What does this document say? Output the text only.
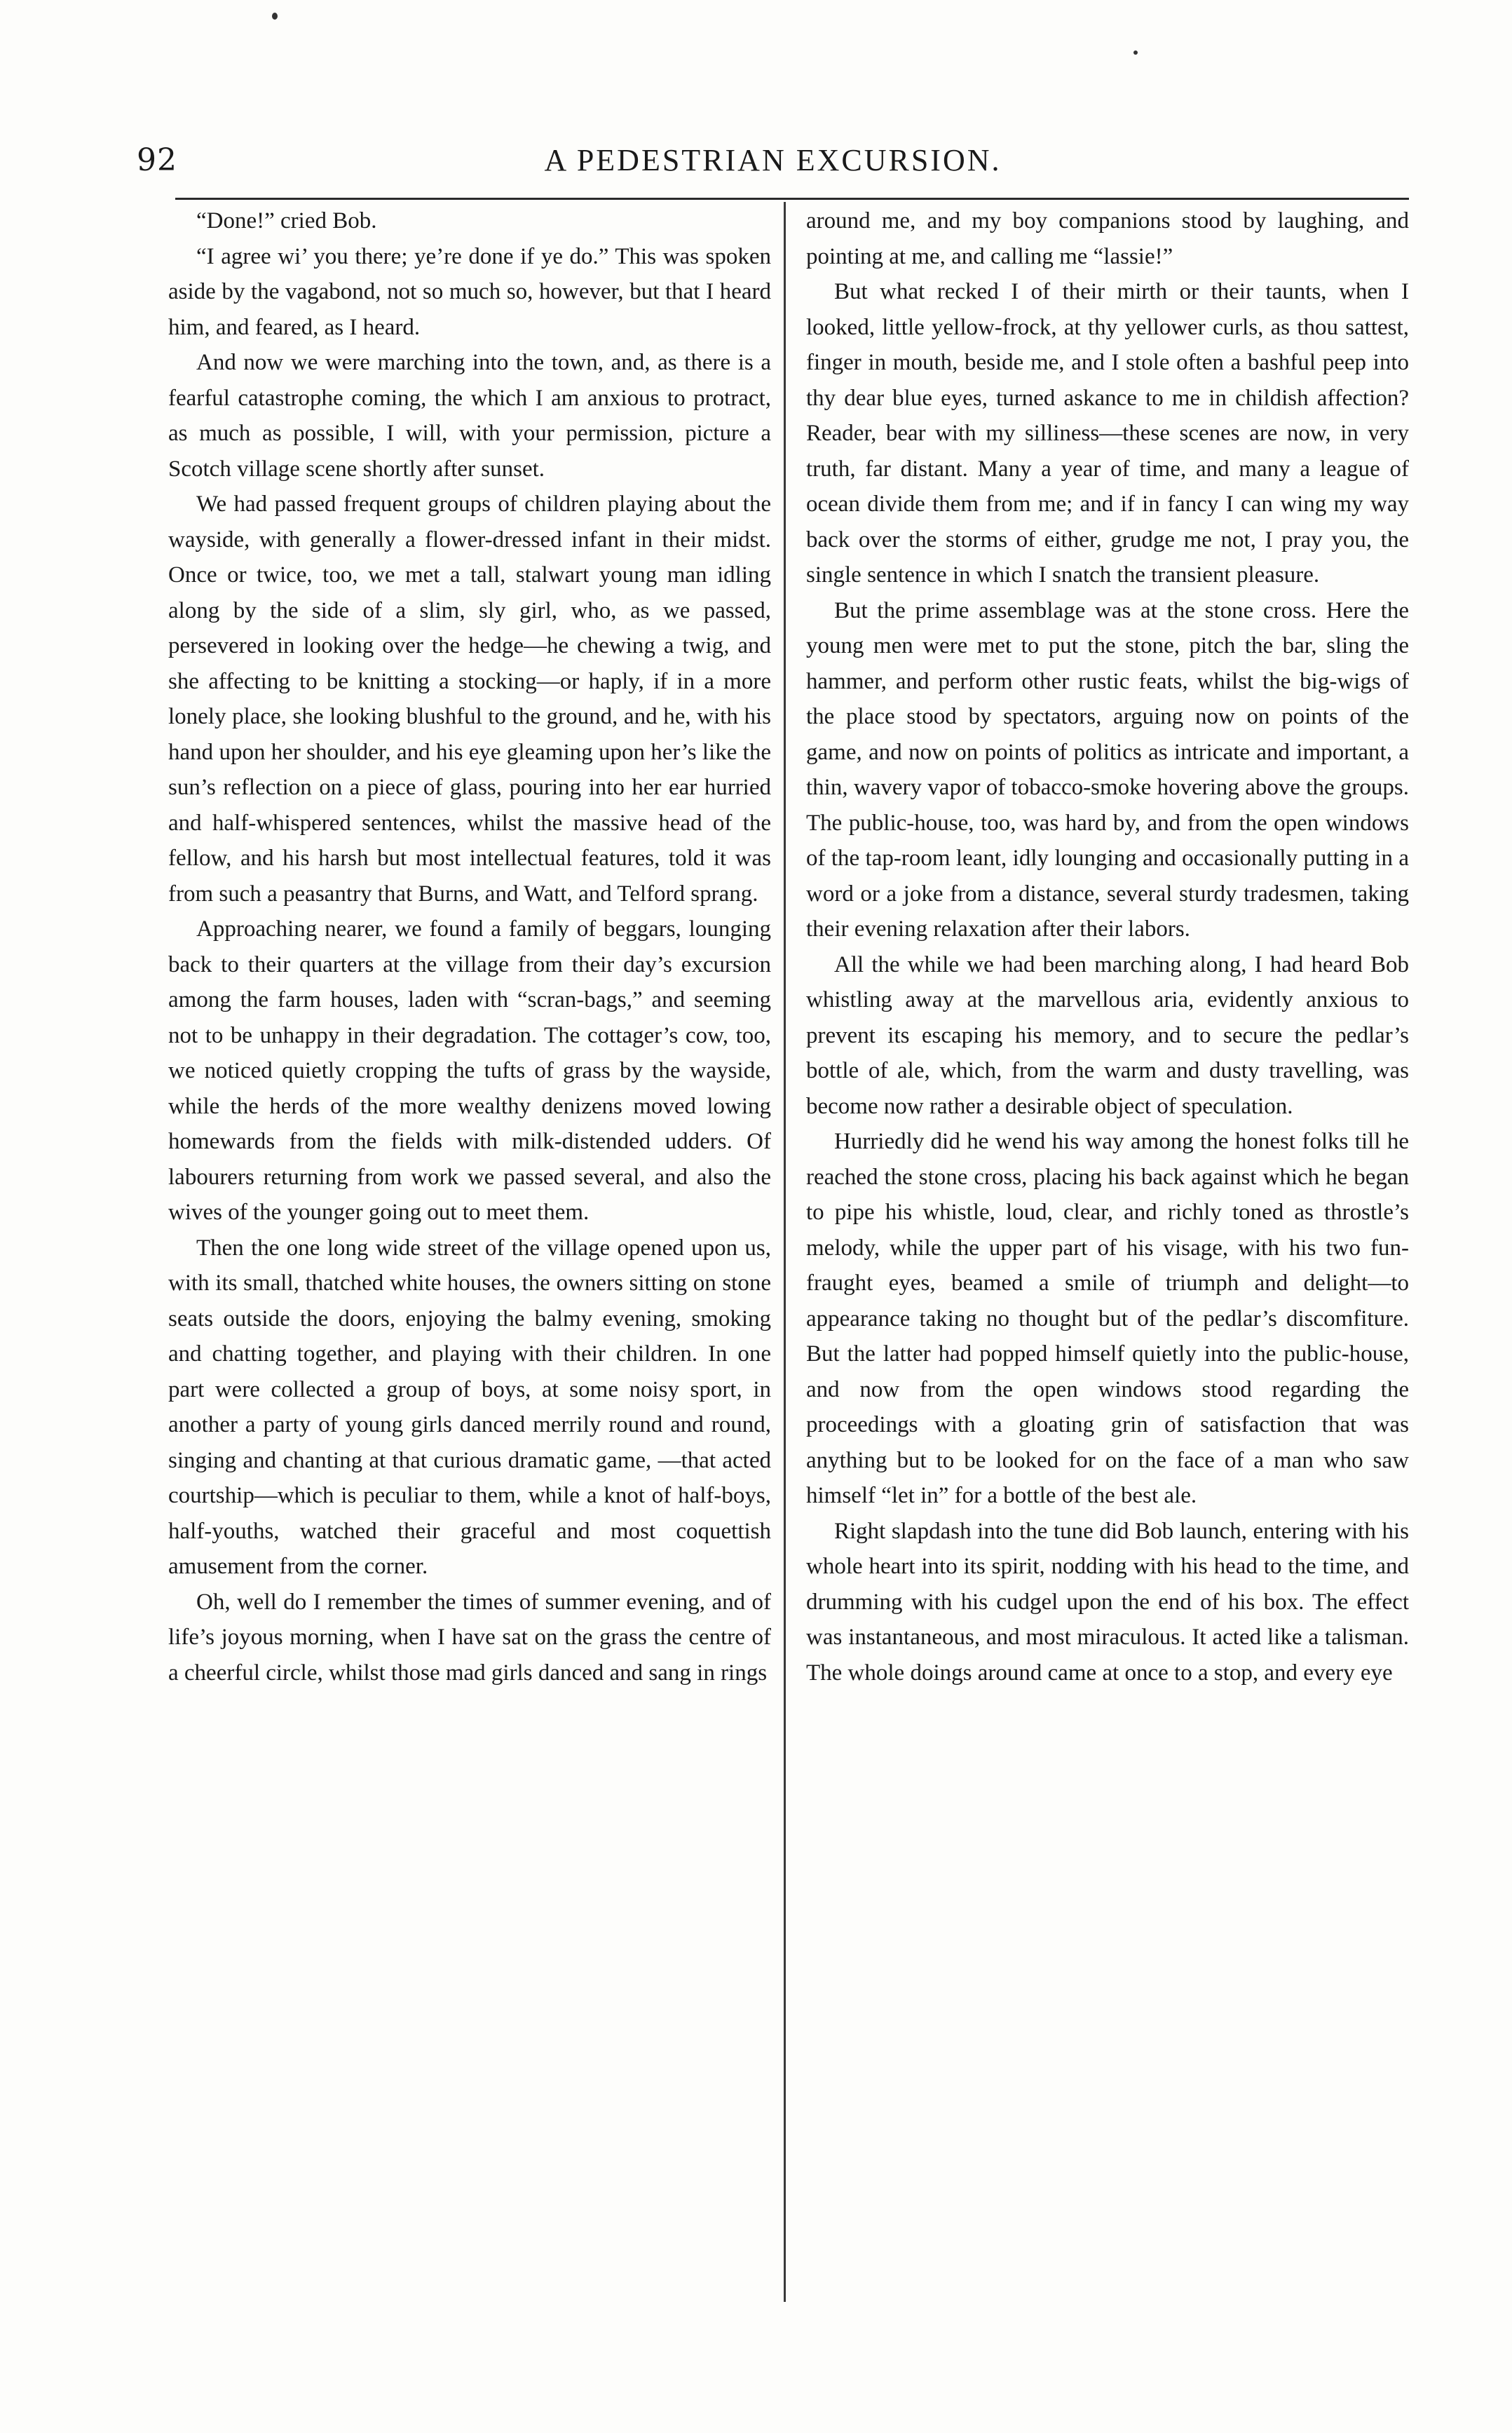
92	A PEDESTRIAN EXCURSION.

“Done!” cried Bob.

“I agree wi’ you there; ye’re done if ye do.” This was spoken aside by the vagabond, not so much so, however, but that I heard him, and feared, as I heard.

And now we were marching into the town, and, as there is a fearful catastrophe coming, the which I am anxious to protract, as much as possible, I will, with your permission, picture a Scotch village scene shortly after sunset.

We had passed frequent groups of children playing about the wayside, with generally a flower-dressed infant in their midst. Once or twice, too, we met a tall, stalwart young man idling along by the side of a slim, sly girl, who, as we passed, persevered in looking over the hedge—he chewing a twig, and she affecting to be knitting a stocking—or haply, if in a more lonely place, she looking blushful to the ground, and he, with his hand upon her shoulder, and his eye gleaming upon her’s like the sun’s reflection on a piece of glass, pouring into her ear hurried and half-whispered sentences, whilst the massive head of the fellow, and his harsh but most intellectual features, told it was from such a peasantry that Burns, and Watt, and Telford sprang.

Approaching nearer, we found a family of beggars, lounging back to their quarters at the village from their day’s excursion among the farm houses, laden with “scran-bags,” and seeming not to be unhappy in their degradation. The cottager’s cow, too, we noticed quietly cropping the tufts of grass by the wayside, while the herds of the more wealthy denizens moved lowing homewards from the fields with milk-distended udders. Of labourers returning from work we passed several, and also the wives of the younger going out to meet them.

Then the one long wide street of the village opened upon us, with its small, thatched white houses, the owners sitting on stone seats outside the doors, enjoying the balmy evening, smoking and chatting together, and playing with their children. In one part were collected a group of boys, at some noisy sport, in another a party of young girls danced merrily round and round, singing and chanting at that curious dramatic game, —that acted courtship—which is peculiar to them, while a knot of half-boys, half-youths, watched their graceful and most coquettish amusement from the corner.

Oh, well do I remember the times of summer evening, and of life’s joyous morning, when I have sat on the grass the centre of a cheerful circle, whilst those mad girls danced and sang in rings

around me, and my boy companions stood by laughing, and pointing at me, and calling me “lassie!”

But what recked I of their mirth or their taunts, when I looked, little yellow-frock, at thy yellower curls, as thou sattest, finger in mouth, beside me, and I stole often a bashful peep into thy dear blue eyes, turned askance to me in childish affection? Reader, bear with my silliness—these scenes are now, in very truth, far distant. Many a year of time, and many a league of ocean divide them from me; and if in fancy I can wing my way back over the storms of either, grudge me not, I pray you, the single sentence in which I snatch the transient pleasure.

But the prime assemblage was at the stone cross. Here the young men were met to put the stone, pitch the bar, sling the hammer, and perform other rustic feats, whilst the big-wigs of the place stood by spectators, arguing now on points of the game, and now on points of politics as intricate and important, a thin, wavery vapor of tobacco-smoke hovering above the groups. The public-house, too, was hard by, and from the open windows of the tap-room leant, idly lounging and occasionally putting in a word or a joke from a distance, several sturdy tradesmen, taking their evening relaxation after their labors.

All the while we had been marching along, I had heard Bob whistling away at the marvellous aria, evidently anxious to prevent its escaping his memory, and to secure the pedlar’s bottle of ale, which, from the warm and dusty travelling, was become now rather a desirable object of speculation.

Hurriedly did he wend his way among the honest folks till he reached the stone cross, placing his back against which he began to pipe his whistle, loud, clear, and richly toned as throstle’s melody, while the upper part of his visage, with his two fun-fraught eyes, beamed a smile of triumph and delight—to appearance taking no thought but of the pedlar’s discomfiture. But the latter had popped himself quietly into the public-house, and now from the open windows stood regarding the proceedings with a gloating grin of satisfaction that was anything but to be looked for on the face of a man who saw himself “let in” for a bottle of the best ale.

Right slapdash into the tune did Bob launch, entering with his whole heart into its spirit, nodding with his head to the time, and drumming with his cudgel upon the end of his box. The effect was instantaneous, and most miraculous. It acted like a talisman. The whole doings around came at once to a stop, and every eye
